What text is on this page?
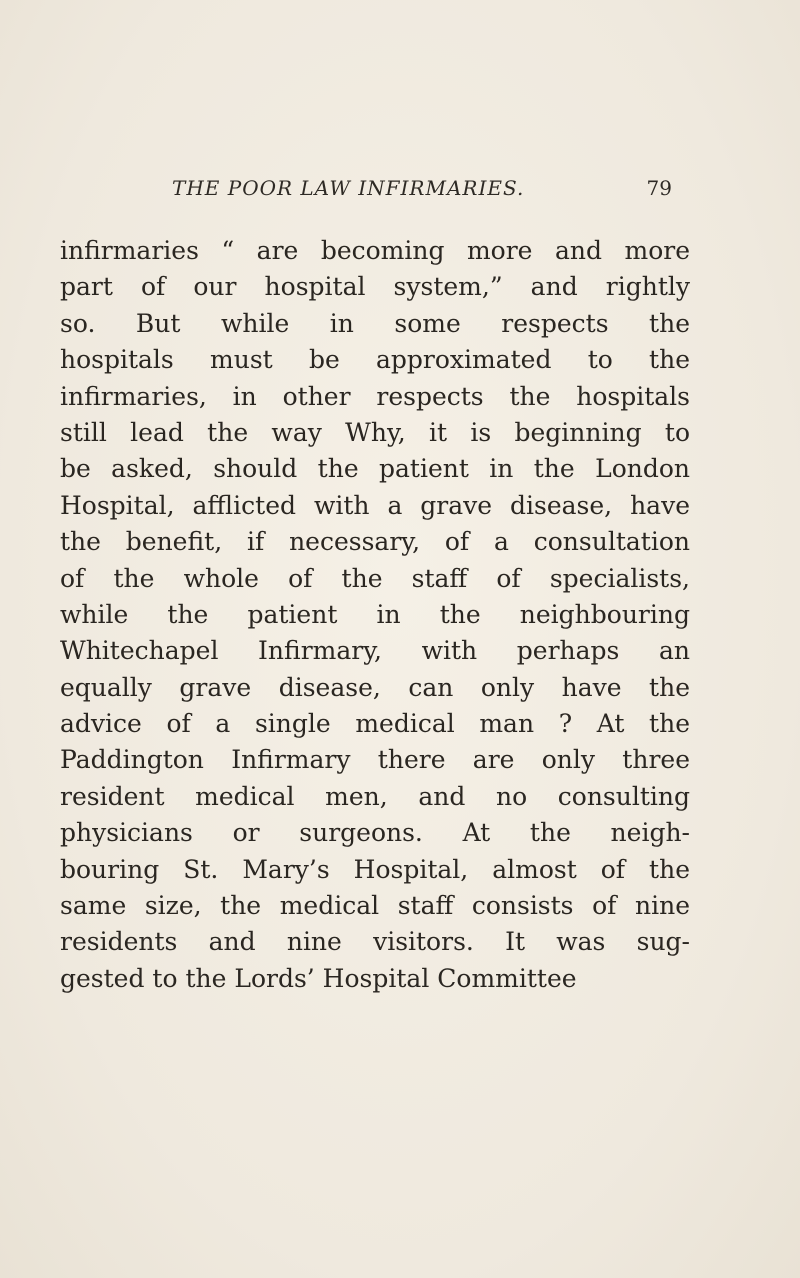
THE POOR LAW INFIRMARIES.	79
infirmaries “ are becoming more and more
part of our hospital system,” and rightly
so. But while in some respects the
hospitals must be approximated to the
infirmaries, in other respects the hospitals
still lead the way Why, it is beginning to
be asked, should the patient in the London
Hospital, afflicted with a grave disease, have
the benefit, if necessary, of a consultation
of the whole of the staff of specialists,
while the patient in the neighbouring
Whitechapel Infirmary, with perhaps an
equally grave disease, can only have the
advice of a single medical man ? At the
Paddington Infirmary there are only three
resident medical men, and no consulting
physicians or surgeons. At the neigh-
bouring St. Mary’s Hospital, almost of the
same size, the medical staff consists of nine
residents and nine visitors. It was sug-
gested to the Lords’ Hospital Committee
